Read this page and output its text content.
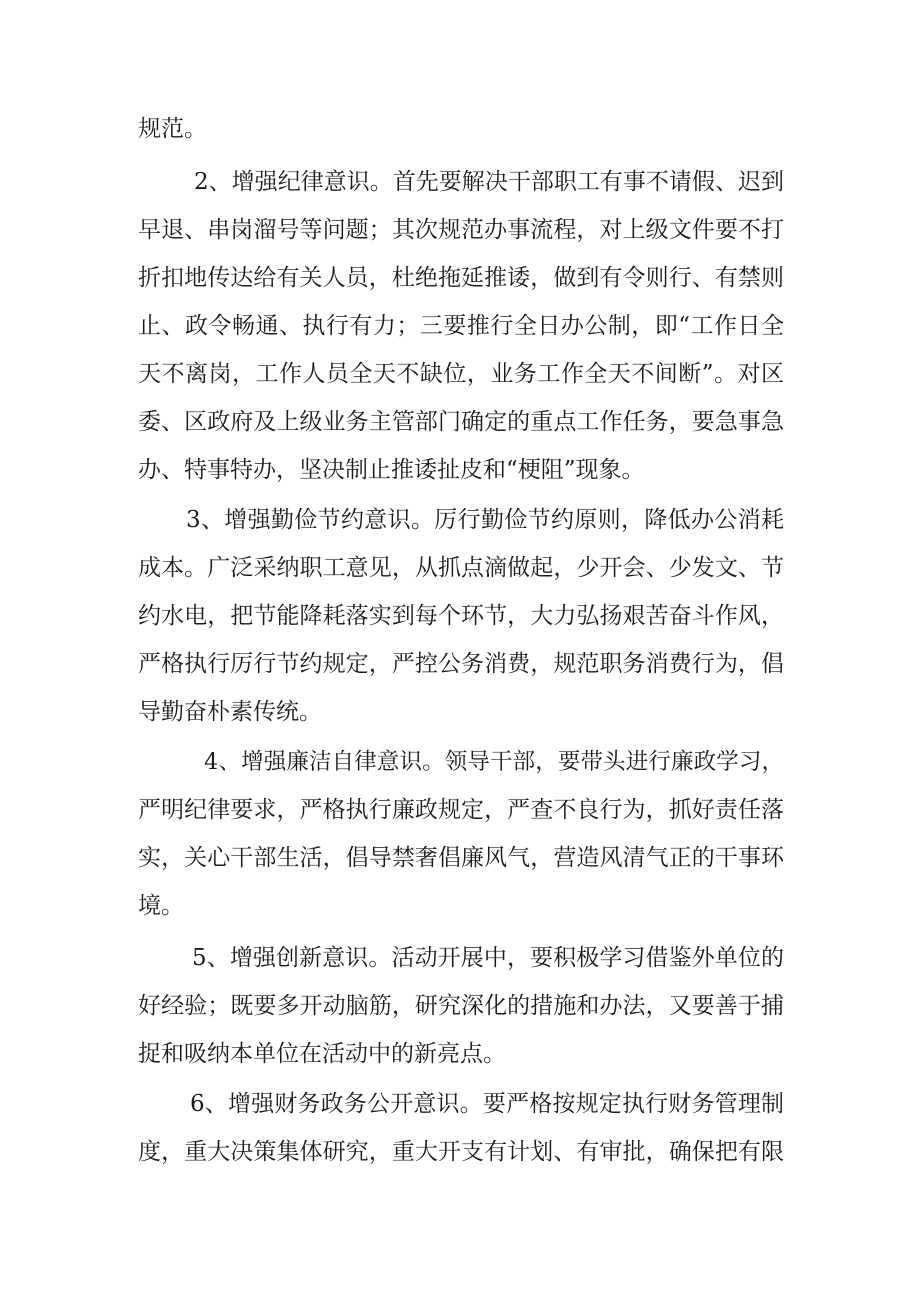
规范。
2、增强纪律意识。首先要解决干部职工有事不请假、迟到
早退、串岗溜号等问题；其次规范办事流程，对上级文件要不打
折扣地传达给有关人员，杜绝拖延推诿，做到有令则行、有禁则
止、政令畅通、执行有力；三要推行全日办公制，即“工作日全
天不离岗，工作人员全天不缺位，业务工作全天不间断”。对区
委、区政府及上级业务主管部门确定的重点工作任务，要急事急
办、特事特办，坚决制止推诿扯皮和“梗阻”现象。
3、增强勤俭节约意识。厉行勤俭节约原则，降低办公消耗
成本。广泛采纳职工意见，从抓点滴做起，少开会、少发文、节
约水电，把节能降耗落实到每个环节，大力弘扬艰苦奋斗作风，
严格执行厉行节约规定，严控公务消费，规范职务消费行为，倡
导勤奋朴素传统。
4、增强廉洁自律意识。领导干部，要带头进行廉政学习，
严明纪律要求，严格执行廉政规定，严查不良行为，抓好责任落
实，关心干部生活，倡导禁奢倡廉风气，营造风清气正的干事环
境。
5、增强创新意识。活动开展中，要积极学习借鉴外单位的
好经验；既要多开动脑筋，研究深化的措施和办法，又要善于捕
捉和吸纳本单位在活动中的新亮点。
6、增强财务政务公开意识。要严格按规定执行财务管理制
度，重大决策集体研究，重大开支有计划、有审批，确保把有限
